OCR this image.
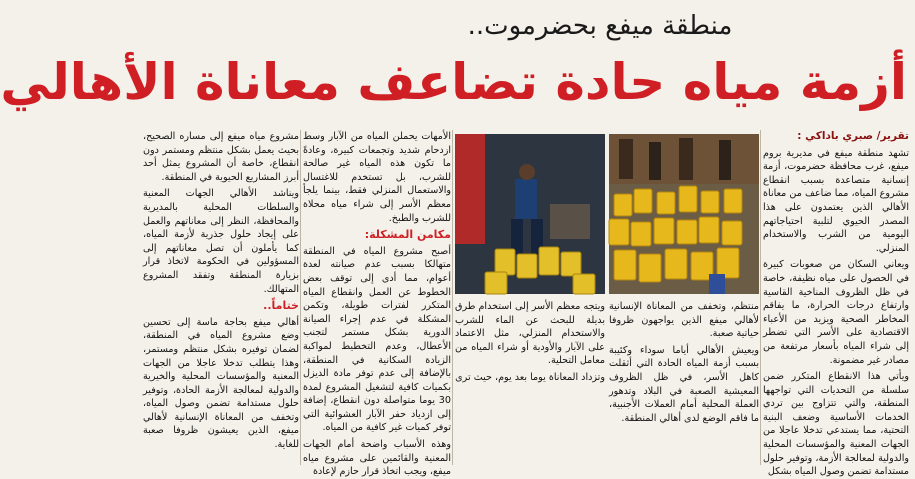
منطقة ميفع بحضرموت..
أزمة مياه حادة تضاعف معاناة الأهالي

تقرير/ صبري باداكي :

تشهد منطقة ميفع في مديرية بروم ميفع، غرب محافظة حضرموت، أزمة إنسانية متصاعدة بسبب انقطاع مشروع المياه، مما ضاعف من معاناة الأهالي الذين يعتمدون على هذا المصدر الحيوي لتلبية احتياجاتهم اليومية من الشرب والاستخدام المنزلي.

ويعاني السكان من صعوبات كبيرة في الحصول على مياه نظيفة، خاصة في ظل الظروف المناخية القاسية وارتفاع درجات الحرارة، ما يفاقم المخاطر الصحية ويزيد من الأعباء الاقتصادية على الأسر التي تضطر إلى شراء المياه بأسعار مرتفعة من مصادر غير مضمونة.

ويأتي هذا الانقطاع المتكرر ضمن سلسلة من التحديات التي تواجهها المنطقة، والتي تتزاوج بين تردي الخدمات الأساسية وضعف البنية التحتية، مما يستدعي تدخلا عاجلا من الجهات المعنية والمؤسسات المحلية والدولية لمعالجة الأزمة، وتوفير حلول مستدامة تضمن وصول المياه بشكل

منتظم، وتخفف من المعاناة الإنسانية لأهالي ميفع الذين يواجهون ظروفا حياتية صعبة.

ويعيش الأهالي أياما سوداء وكئيبة بسبب أزمة المياه الحادة التي أثقلت كاهل الأسر، في ظل الظروف المعيشية الصعبة في البلاد وتدهور العملة المحلية أمام العملات الأجنبية، ما فاقم الوضع لدى أهالي المنطقة.

ويتجه معظم الأسر إلى استخدام طرق بديلة للبحث عن الماء للشرب والاستخدام المنزلي، مثل الاعتماد على الآبار والأودية أو شراء المياه من معامل التحلية.

وتزداد المعاناة يوما بعد يوم، حيث ترى

الأمهات يحملن المياه من الآبار وسط ازدحام شديد وتجمعات كبيرة، وعادةً ما تكون هذه المياه غير صالحة للشرب، بل تستخدم للاغتسال والاستعمال المنزلي فقط، بينما يلجأ معظم الأسر إلى شراء مياه محلاة للشرب والطبخ.

مكامن المشكلة:

أصبح مشروع المياه في المنطقة متهالكا بسبب عدم صيانته لعدة أعوام، مما أدى إلى توقف بعض الخطوط عن العمل وانقطاع المياه المتكرر لفترات طويلة، وتكمن المشكلة في عدم إجراء الصيانة الدورية بشكل مستمر لتجنب الأعطال، وعدم التخطيط لمواكبة الزيادة السكانية في المنطقة، بالإضافة إلى عدم توفر مادة الديزل بكميات كافية لتشغيل المشروع لمدة 30 يوما متواصلة دون انقطاع، إضافة إلى ازدياد حفر الآبار العشوائية التي توفر كميات غير كافية من المياه.

وهذه الأسباب واضحة أمام الجهات المعنية والقائمين على مشروع مياه ميفع، ويجب اتخاذ قرار حازم لإعادة

مشروع مياه ميفع إلى مساره الصحيح، بحيث يعمل بشكل منتظم ومستمر دون انقطاع، خاصة أن المشروع يمثل أحد أبرز المشاريع الحيوية في المنطقة.

ويناشد الأهالي الجهات المعنية والسلطات المحلية بالمديرية والمحافظة، النظر إلى معاناتهم والعمل على إيجاد حلول جذرية لأزمة المياه، كما يأملون أن تصل معاناتهم إلى المسؤولين في الحكومة لاتخاذ قرار بزيارة المنطقة وتفقد المشروع المتهالك.

ختاماً..

أهالي ميفع بحاجة ماسة إلى تحسين وضع مشروع المياه في المنطقة، لضمان توفيره بشكل منتظم ومستمر، وهذا يتطلب تدخلا عاجلا من الجهات المعنية والمؤسسات المحلية والخيرية والدولية لمعالجة الأزمة الحادة، وتوفير حلول مستدامة تضمن وصول المياه، وتخفف من المعاناة الإنسانية لأهالي ميفع، الذين يعيشون ظروفا صعبة للغاية.
